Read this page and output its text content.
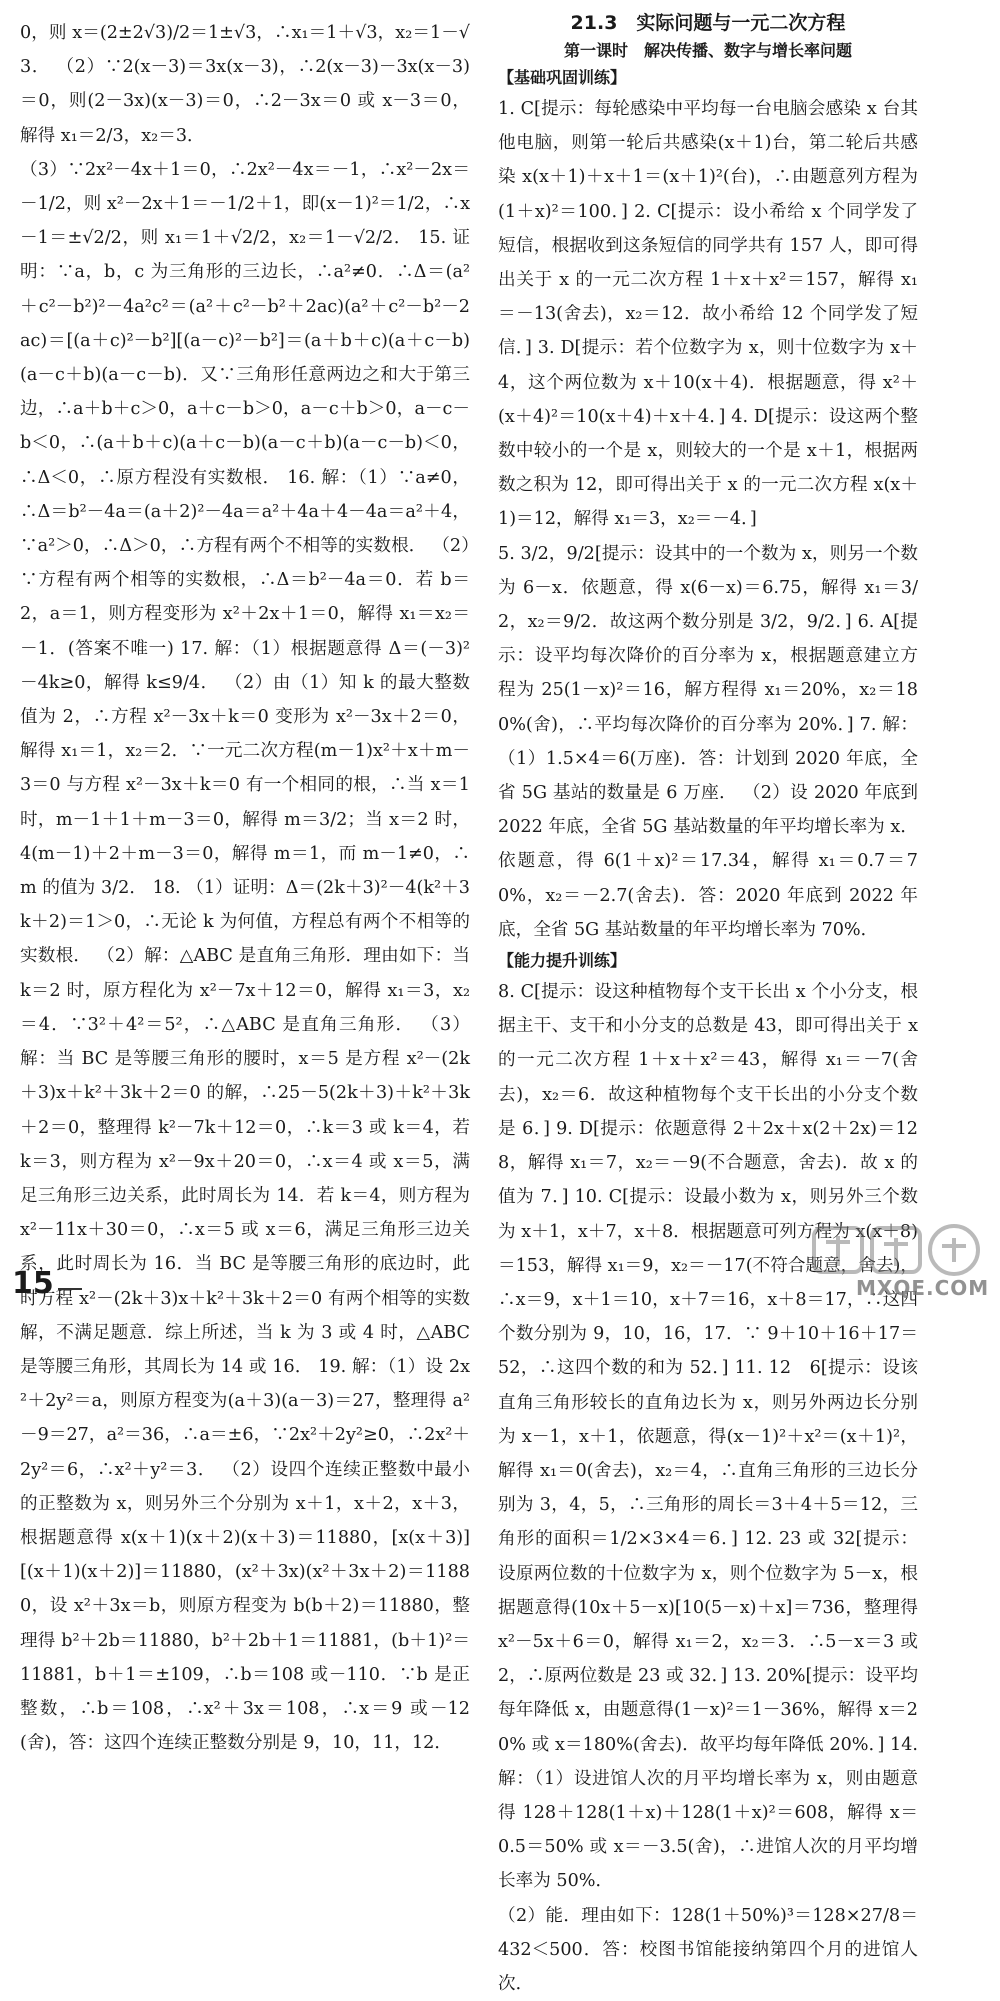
0，则 x＝(2±2√3)/2＝1±√3，∴x₁＝1＋√3，x₂＝1－√3． （2）∵2(x－3)＝3x(x－3)，∴2(x－3)－3x(x－3)＝0，则(2－3x)(x－3)＝0，∴2－3x＝0 或 x－3＝0，解得 x₁＝2/3，x₂＝3．

（3）∵2x²－4x＋1＝0，∴2x²－4x＝－1，∴x²－2x＝－1/2，则 x²－2x＋1＝－1/2＋1，即(x－1)²＝1/2，∴x－1＝±√2/2，则 x₁＝1＋√2/2，x₂＝1－√2/2． 15. 证明：∵a，b，c 为三角形的三边长，∴a²≠0．∴Δ＝(a²＋c²－b²)²－4a²c²＝(a²＋c²－b²＋2ac)(a²＋c²－b²－2ac)＝[(a＋c)²－b²][(a－c)²－b²]＝(a＋b＋c)(a＋c－b)(a－c＋b)(a－c－b)．又∵三角形任意两边之和大于第三边，∴a＋b＋c＞0，a＋c－b＞0，a－c＋b＞0，a－c－b＜0，∴(a＋b＋c)(a＋c－b)(a－c＋b)(a－c－b)＜0，∴Δ＜0，∴原方程没有实数根． 16. 解：（1）∵a≠0，∴Δ＝b²－4a＝(a＋2)²－4a＝a²＋4a＋4－4a＝a²＋4，∵a²＞0，∴Δ＞0，∴方程有两个不相等的实数根． （2）∵方程有两个相等的实数根，∴Δ＝b²－4a＝0．若 b＝2，a＝1，则方程变形为 x²＋2x＋1＝0，解得 x₁＝x₂＝－1．(答案不唯一) 17. 解：（1）根据题意得 Δ＝(－3)²－4k≥0，解得 k≤9/4． （2）由（1）知 k 的最大整数值为 2，∴方程 x²－3x＋k＝0 变形为 x²－3x＋2＝0，解得 x₁＝1，x₂＝2．∵一元二次方程(m－1)x²＋x＋m－3＝0 与方程 x²－3x＋k＝0 有一个相同的根，∴当 x＝1 时，m－1＋1＋m－3＝0，解得 m＝3/2；当 x＝2 时，4(m－1)＋2＋m－3＝0，解得 m＝1，而 m－1≠0，∴m 的值为 3/2． 18. （1）证明：Δ＝(2k＋3)²－4(k²＋3k＋2)＝1＞0，∴无论 k 为何值，方程总有两个不相等的实数根． （2）解：△ABC 是直角三角形．理由如下：当 k＝2 时，原方程化为 x²－7x＋12＝0，解得 x₁＝3，x₂＝4．∵3²＋4²＝5²，∴△ABC 是直角三角形． （3）解：当 BC 是等腰三角形的腰时，x＝5 是方程 x²－(2k＋3)x＋k²＋3k＋2＝0 的解，∴25－5(2k＋3)＋k²＋3k＋2＝0，整理得 k²－7k＋12＝0，∴k＝3 或 k＝4，若 k＝3，则方程为 x²－9x＋20＝0，∴x＝4 或 x＝5，满足三角形三边关系，此时周长为 14．若 k＝4，则方程为 x²－11x＋30＝0，∴x＝5 或 x＝6，满足三角形三边关系，此时周长为 16．当 BC 是等腰三角形的底边时，此时方程 x²－(2k＋3)x＋k²＋3k＋2＝0 有两个相等的实数解，不满足题意．综上所述，当 k 为 3 或 4 时，△ABC 是等腰三角形，其周长为 14 或 16． 19. 解：（1）设 2x²＋2y²＝a，则原方程变为(a＋3)(a－3)＝27，整理得 a²－9＝27，a²＝36，∴a＝±6，∵2x²＋2y²≥0，∴2x²＋2y²＝6，∴x²＋y²＝3． （2）设四个连续正整数中最小的正整数为 x，则另外三个分别为 x＋1，x＋2，x＋3，根据题意得 x(x＋1)(x＋2)(x＋3)＝11880，[x(x＋3)][(x＋1)(x＋2)]＝11880，(x²＋3x)(x²＋3x＋2)＝11880，设 x²＋3x＝b，则原方程变为 b(b＋2)＝11880，整理得 b²＋2b＝11880，b²＋2b＋1＝11881，(b＋1)²＝11881，b＋1＝±109，∴b＝108 或－110．∵b 是正整数，∴b＝108，∴x²＋3x＝108，∴x＝9 或－12(舍)，答：这四个连续正整数分别是 9，10，11，12．

21.3　实际问题与一元二次方程

第一课时　解决传播、数字与增长率问题

【基础巩固训练】

1. C[提示：每轮感染中平均每一台电脑会感染 x 台其他电脑，则第一轮后共感染(x＋1)台，第二轮后共感染 x(x＋1)＋x＋1＝(x＋1)²(台)，∴由题意列方程为(1＋x)²＝100．] 2. C[提示：设小希给 x 个同学发了短信，根据收到这条短信的同学共有 157 人，即可得出关于 x 的一元二次方程 1＋x＋x²＝157，解得 x₁＝－13(舍去)，x₂＝12．故小希给 12 个同学发了短信．] 3. D[提示：若个位数字为 x，则十位数字为 x＋4，这个两位数为 x＋10(x＋4)．根据题意，得 x²＋(x＋4)²＝10(x＋4)＋x＋4．] 4. D[提示：设这两个整数中较小的一个是 x，则较大的一个是 x＋1，根据两数之积为 12，即可得出关于 x 的一元二次方程 x(x＋1)＝12，解得 x₁＝3，x₂＝－4．]

5. 3/2，9/2[提示：设其中的一个数为 x，则另一个数为 6－x．依题意，得 x(6－x)＝6.75，解得 x₁＝3/2，x₂＝9/2．故这两个数分别是 3/2，9/2．] 6. A[提示：设平均每次降价的百分率为 x，根据题意建立方程为 25(1－x)²＝16，解方程得 x₁＝20%，x₂＝180%(舍)，∴平均每次降价的百分率为 20%．] 7. 解：（1）1.5×4＝6(万座)．答：计划到 2020 年底，全省 5G 基站的数量是 6 万座． （2）设 2020 年底到 2022 年底，全省 5G 基站数量的年平均增长率为 x．依题意，得 6(1＋x)²＝17.34，解得 x₁＝0.7＝70%，x₂＝－2.7(舍去)．答：2020 年底到 2022 年底，全省 5G 基站数量的年平均增长率为 70%．

【能力提升训练】

8. C[提示：设这种植物每个支干长出 x 个小分支，根据主干、支干和小分支的总数是 43，即可得出关于 x 的一元二次方程 1＋x＋x²＝43，解得 x₁＝－7(舍去)，x₂＝6．故这种植物每个支干长出的小分支个数是 6．] 9. D[提示：依题意得 2＋2x＋x(2＋2x)＝128，解得 x₁＝7，x₂＝－9(不合题意，舍去)．故 x 的值为 7．] 10. C[提示：设最小数为 x，则另外三个数为 x＋1，x＋7，x＋8．根据题意可列方程为 x(x＋8)＝153，解得 x₁＝9，x₂＝－17(不符合题意，舍去)，∴x＝9，x＋1＝10，x＋7＝16，x＋8＝17，∴这四个数分别为 9，10，16，17．∵ 9＋10＋16＋17＝52，∴这四个数的和为 52．] 11. 12　6[提示：设该直角三角形较长的直角边长为 x，则另外两边长分别为 x－1，x＋1，依题意，得(x－1)²＋x²＝(x＋1)²，解得 x₁＝0(舍去)，x₂＝4，∴直角三角形的三边长分别为 3，4，5，∴三角形的周长＝3＋4＋5＝12，三角形的面积＝1/2×3×4＝6．] 12. 23 或 32[提示：设原两位数的十位数字为 x，则个位数字为 5－x，根据题意得(10x＋5－x)[10(5－x)＋x]＝736，整理得 x²－5x＋6＝0，解得 x₁＝2，x₂＝3．∴5－x＝3 或 2，∴原两位数是 23 或 32．] 13. 20%[提示：设平均每年降低 x，由题意得(1－x)²＝1－36%，解得 x＝20% 或 x＝180%(舍去)．故平均每年降低 20%．] 14. 解：（1）设进馆人次的月平均增长率为 x，则由题意得 128＋128(1＋x)＋128(1＋x)²＝608，解得 x＝0.5＝50% 或 x＝－3.5(舍)，∴进馆人次的月平均增长率为 50%．

（2）能．理由如下：128(1＋50%)³＝128×27/8＝432＜500．答：校图书馆能接纳第四个月的进馆人次．

15	MXQE.COM
